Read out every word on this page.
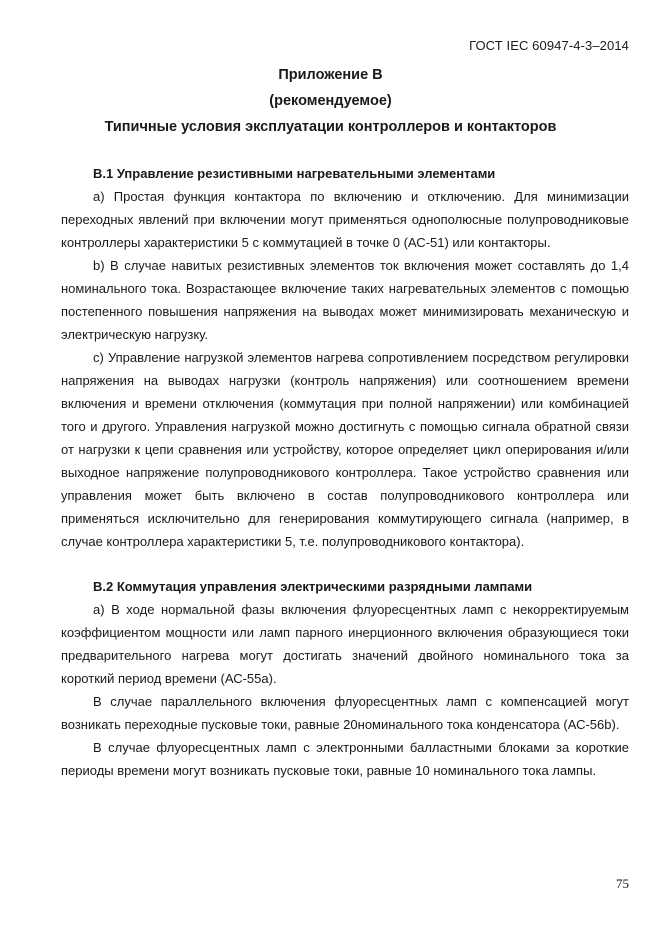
ГОСТ IEC 60947-4-3–2014
Приложение В
(рекомендуемое)
Типичные условия эксплуатации контроллеров и контакторов

В.1 Управление резистивными нагревательными элементами

а) Простая функция контактора по включению и отключению. Для минимизации переходных явлений при включении могут применяться однополюсные полупроводниковые контроллеры характеристики 5 с коммутацией в точке 0 (АС-51) или контакторы.

b) В случае навитых резистивных элементов ток включения может составлять до 1,4 номинального тока. Возрастающее включение таких нагревательных элементов с помощью постепенного повышения напряжения на выводах может минимизировать механическую и электрическую нагрузку.

с) Управление нагрузкой элементов нагрева сопротивлением посредством регулировки напряжения на выводах нагрузки (контроль напряжения) или соотношением времени включения и времени отключения (коммутация при полной напряжении) или комбинацией того и другого. Управления нагрузкой можно достигнуть с помощью сигнала обратной связи от нагрузки к цепи сравнения или устройству, которое определяет цикл оперирования и/или выходное напряжение полупроводникового контроллера. Такое устройство сравнения или управления может быть включено в состав полупроводникового контроллера или применяться исключительно для генерирования коммутирующего сигнала (например, в случае контроллера характеристики 5, т.е. полупроводникового контактора).

В.2 Коммутация управления электрическими разрядными лампами

а) В ходе нормальной фазы включения флуоресцентных ламп с некорректируемым коэффициентом мощности или ламп парного инерционного включения образующиеся токи предварительного нагрева могут достигать значений двойного номинального тока за короткий период времени (АС-55а).

В случае параллельного включения флуоресцентных ламп с компенсацией могут возникать переходные пусковые токи, равные 20номинального тока конденсатора (АС-56b).

В случае флуоресцентных ламп с электронными балластными блоками за короткие периоды времени могут возникать пусковые токи, равные 10 номинального тока лампы.

75
